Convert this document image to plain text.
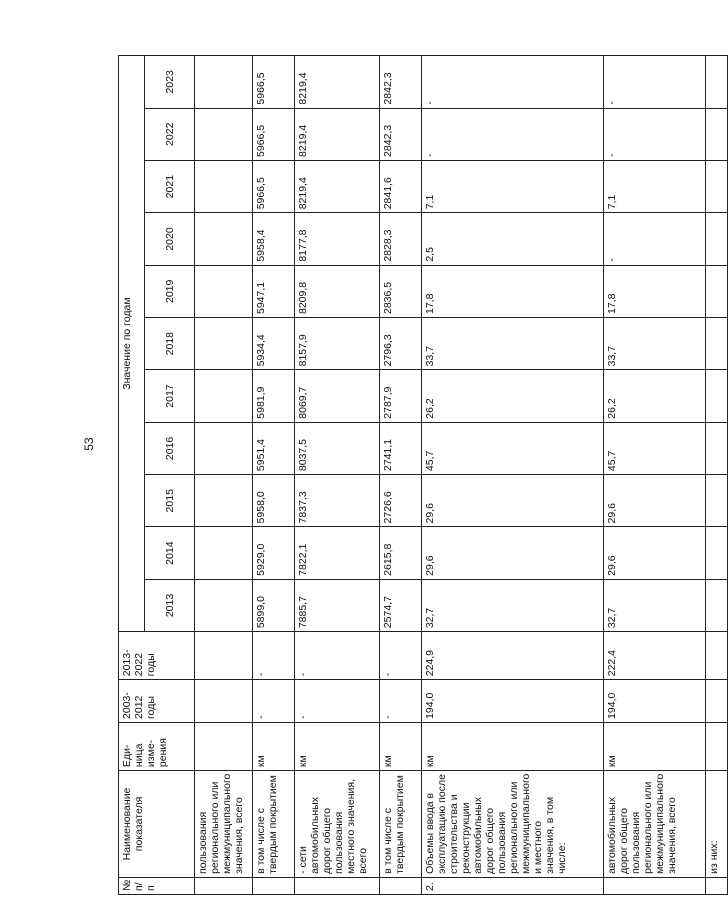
53
№ п/п	Наименование показателя	Еди-ница изме-рения	2003-2012 годы	2013-2022 годы	Значение по годам										
					2013	2014	2015	2016	2017	2018	2019	2020	2021	2022	2023
	пользования регионального или межмуниципального значения, всего														
	в том числе с твердым покрытием	км	-	-	5899,0	5929,0	5958,0	5951,4	5981,9	5934,4	5947,1	5958,4	5966,5	5966,5	5966,5
	- сети автомобильных дорог общего пользования местного значения, всего	км	-	-	7885,7	7822,1	7837,3	8037,5	8069,7	8157,9	8209,8	8177,8	8219,4	8219,4	8219,4
	в том числе с твердым покрытием	км	-	-	2574,7	2615,8	2726,6	2741,1	2787,9	2796,3	2836,5	2828,3	2841,6	2842,3	2842,3
2.	Объемы ввода в эксплуатацию после строительства и реконструкции автомобильных дорог общего пользования регионального или межмуниципального и местного значения, в том числе:	км	194,0	224,9	32,7	29,6	29,6	45,7	26,2	33,7	17,8	2,5	7,1	-	-
	автомобильных дорог общего пользования регионального или межмуниципального значения, всего	км	194,0	222,4	32,7	29,6	29,6	45,7	26,2	33,7	17,8	-	7,1	-	-
	из них:														
